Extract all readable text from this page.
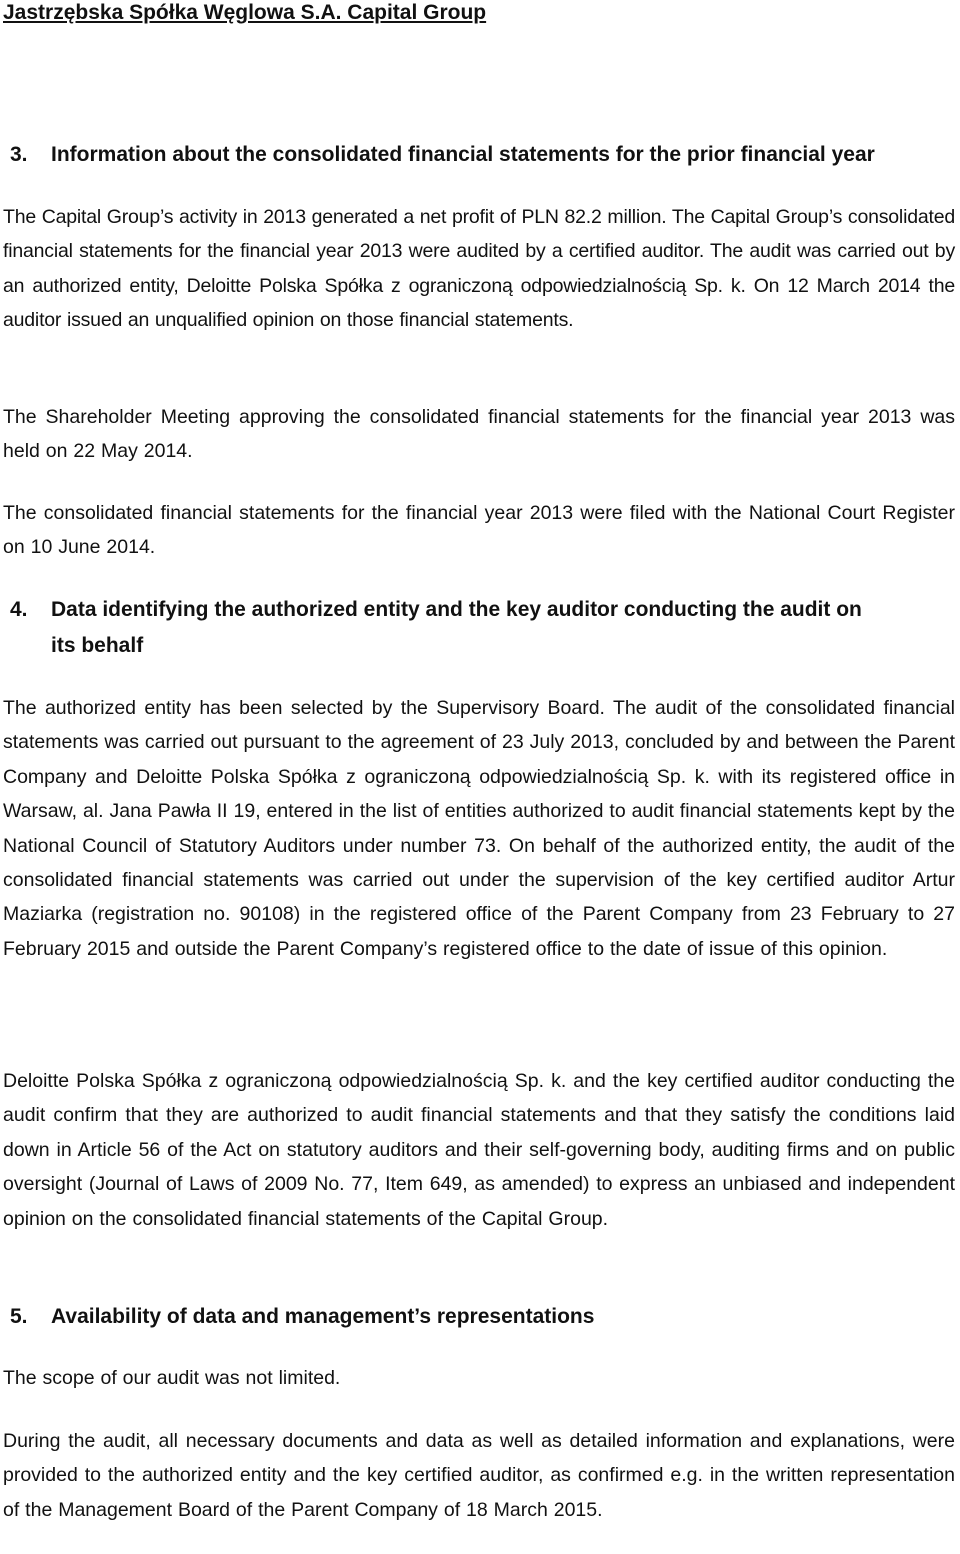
Jastrzębska Spółka Węglowa S.A. Capital Group
3. Information about the consolidated financial statements for the prior financial year

The Capital Group’s activity in 2013 generated a net profit of PLN 82.2 million. The Capital Group’s consolidated financial statements for the financial year 2013 were audited by a certified auditor. The audit was carried out by an authorized entity, Deloitte Polska Spółka z ograniczoną odpowiedzialnością Sp. k. On 12 March 2014 the auditor issued an unqualified opinion on those financial statements.

The Shareholder Meeting approving the consolidated financial statements for the financial year 2013 was held on 22 May 2014.

The consolidated financial statements for the financial year 2013 were filed with the National Court Register on 10 June 2014.

4. Data identifying the authorized entity and the key auditor conducting the audit on
its behalf

The authorized entity has been selected by the Supervisory Board. The audit of the consolidated financial statements was carried out pursuant to the agreement of 23 July 2013, concluded by and between the Parent Company and Deloitte Polska Spółka z ograniczoną odpowiedzialnością Sp. k. with its registered office in Warsaw, al. Jana Pawła II 19, entered in the list of entities authorized to audit financial statements kept by the National Council of Statutory Auditors under number 73. On behalf of the authorized entity, the audit of the consolidated financial statements was carried out under the supervision of the key certified auditor Artur Maziarka (registration no. 90108) in the registered office of the Parent Company from 23 February to 27 February 2015 and outside the Parent Company’s registered office to the date of issue of this opinion.

Deloitte Polska Spółka z ograniczoną odpowiedzialnością Sp. k. and the key certified auditor conducting the audit confirm that they are authorized to audit financial statements and that they satisfy the conditions laid down in Article 56 of the Act on statutory auditors and their self-governing body, auditing firms and on public oversight (Journal of Laws of 2009 No. 77, Item 649, as amended) to express an unbiased and independent opinion on the consolidated financial statements of the Capital Group.

5. Availability of data and management’s representations

The scope of our audit was not limited.

During the audit, all necessary documents and data as well as detailed information and explanations, were provided to the authorized entity and the key certified auditor, as confirmed e.g. in the written representation of the Management Board of the Parent Company of 18 March 2015.
